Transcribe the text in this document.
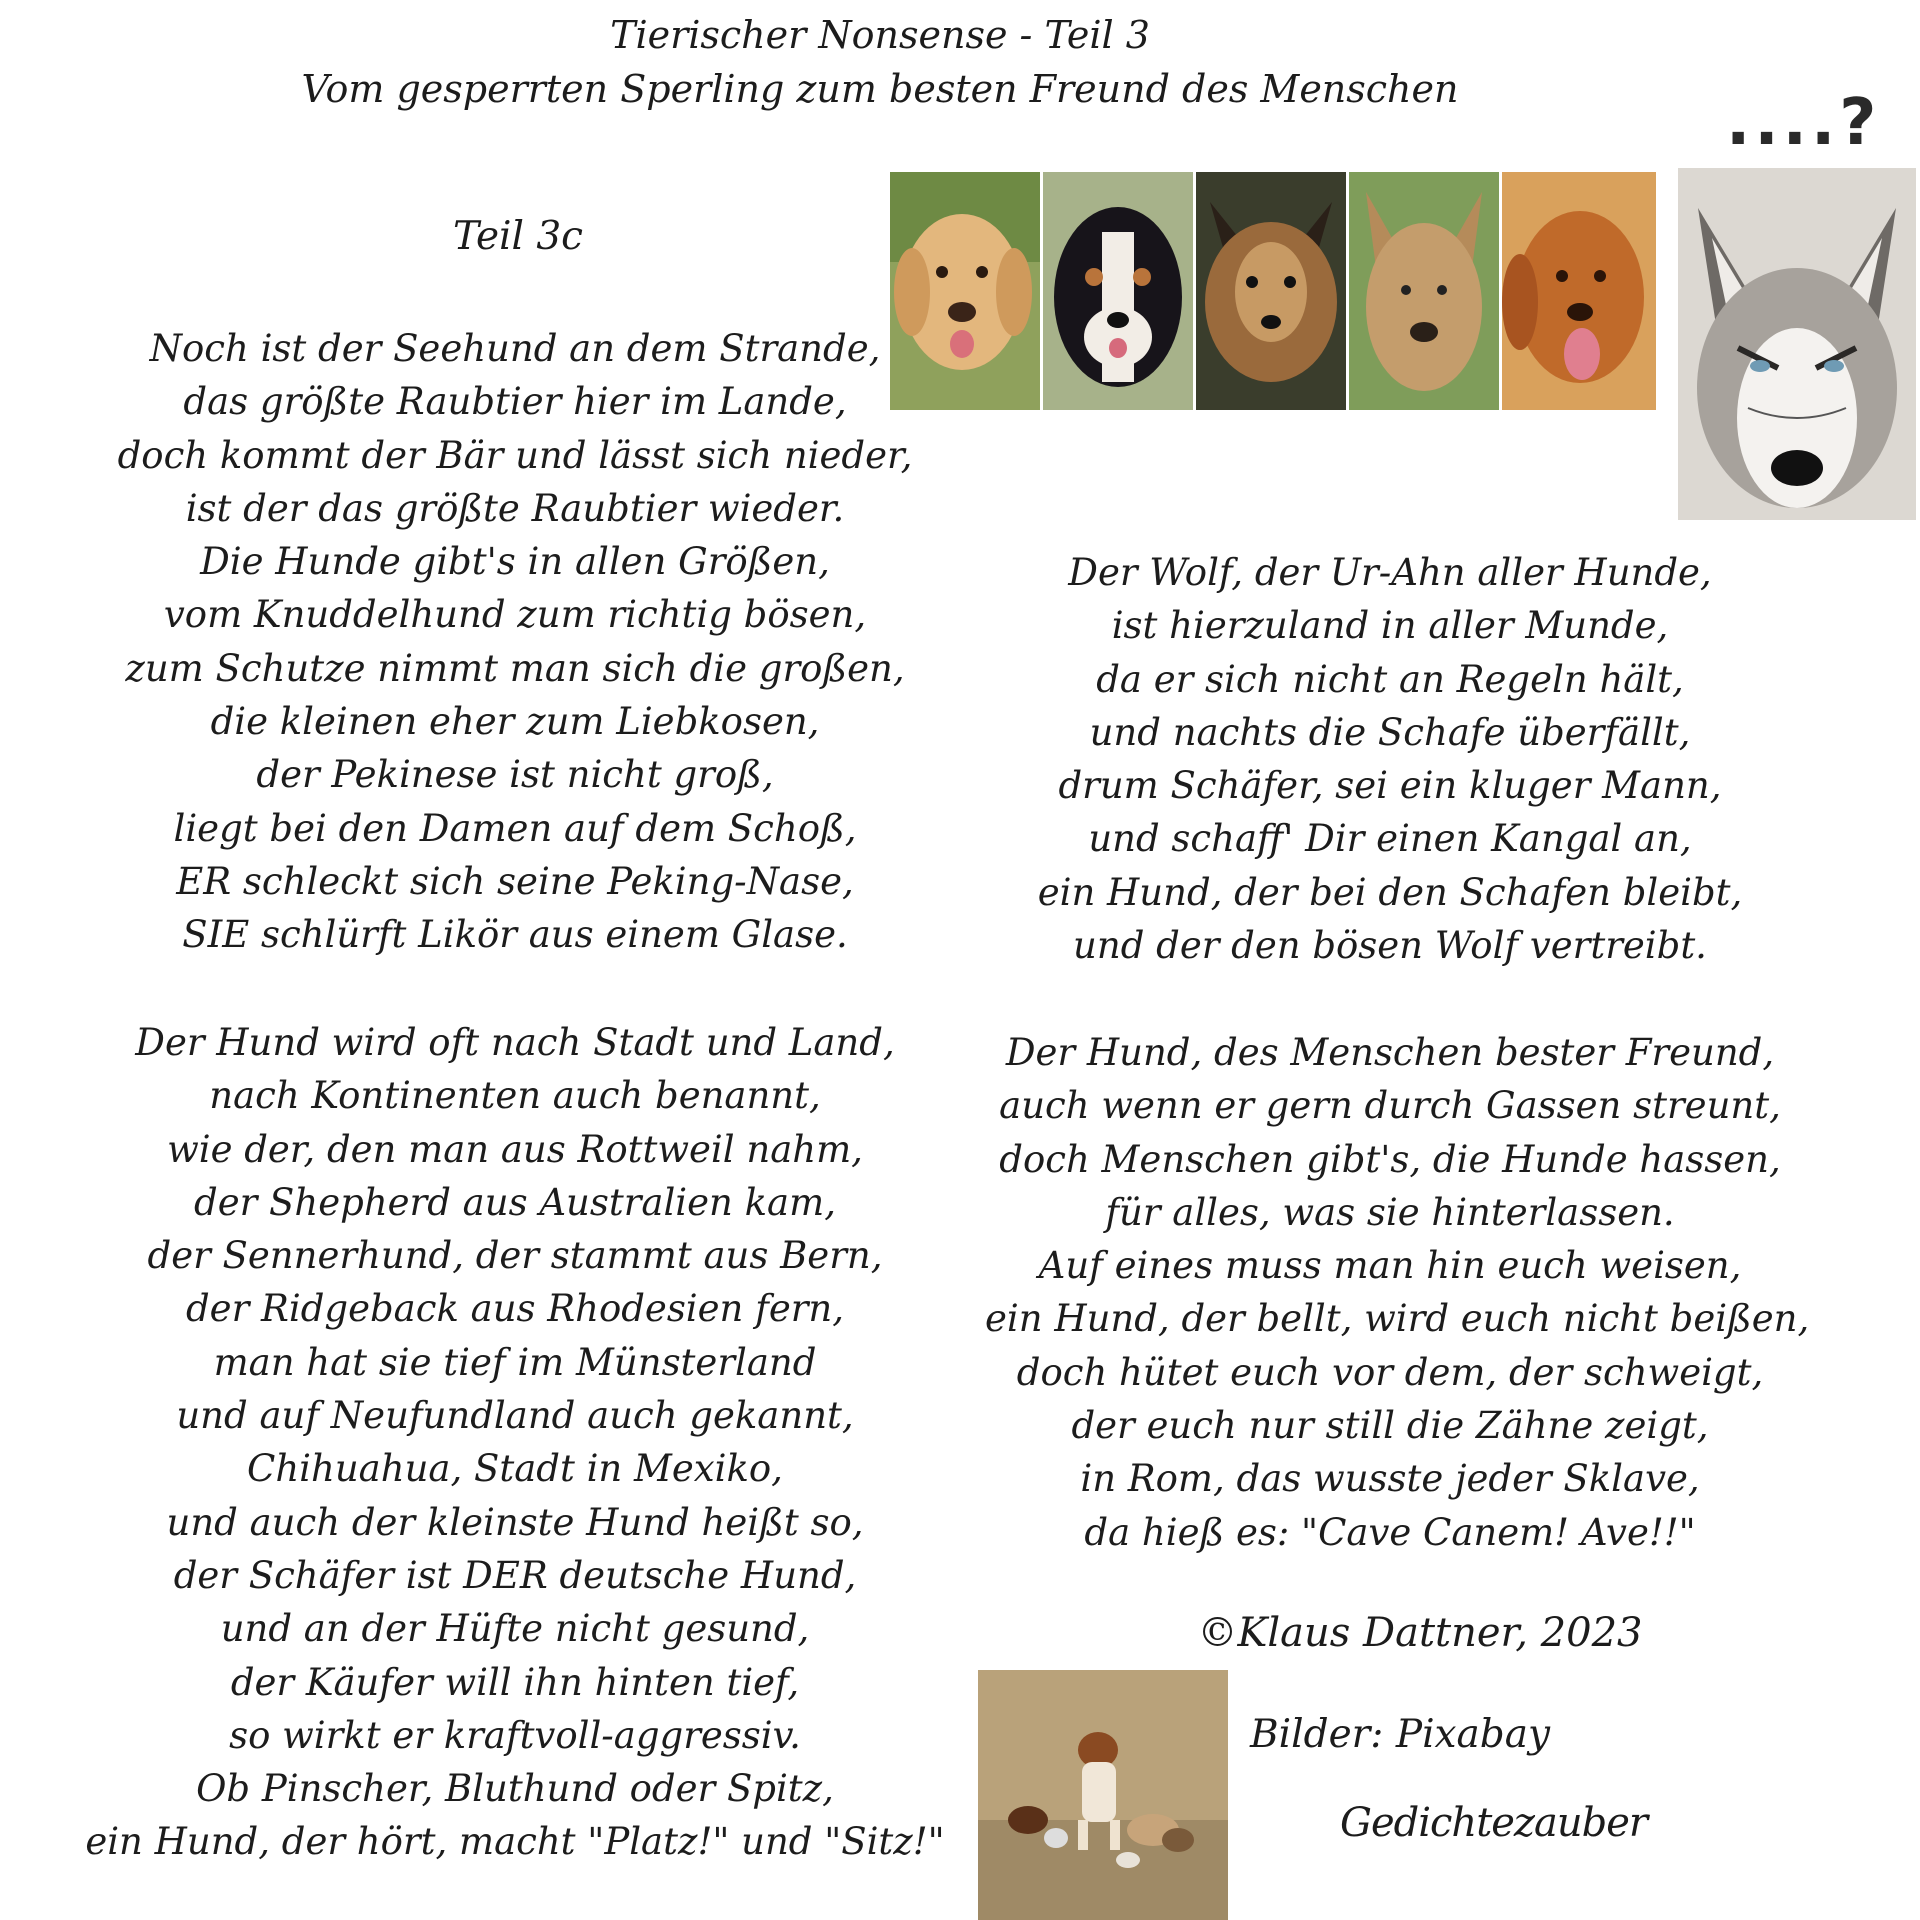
Tierischer Nonsense - Teil 3
Vom gesperrten Sperling zum besten Freund des Menschen
Teil 3c
....?
Noch ist der Seehund an dem Strande,
das größte Raubtier hier im Lande,
doch kommt der Bär und lässt sich nieder,
ist der das größte Raubtier wieder.
Die Hunde gibt's in allen Größen,
vom Knuddelhund zum richtig bösen,
zum Schutze nimmt man sich die großen,
die kleinen eher zum Liebkosen,
der Pekinese ist nicht groß,
liegt bei den Damen auf dem Schoß,
ER schleckt sich seine Peking-Nase,
SIE schlürft Likör aus einem Glase.
Der Hund wird oft nach Stadt und Land,
nach Kontinenten auch benannt,
wie der, den man aus Rottweil nahm,
der Shepherd aus Australien kam,
der Sennerhund, der stammt aus Bern,
der Ridgeback aus Rhodesien fern,
man hat sie tief im Münsterland
und auf Neufundland auch gekannt,
Chihuahua, Stadt in Mexiko,
und auch der kleinste Hund heißt so,
der Schäfer ist DER deutsche Hund,
und an der Hüfte nicht gesund,
der Käufer will ihn hinten tief,
so wirkt er kraftvoll-aggressiv.
Ob Pinscher, Bluthund oder Spitz,
ein Hund, der hört, macht "Platz!" und "Sitz!"
Der Wolf, der Ur-Ahn aller Hunde,
ist hierzuland in aller Munde,
da er sich nicht an Regeln hält,
und nachts die Schafe überfällt,
drum Schäfer, sei ein kluger Mann,
und schaff' Dir einen Kangal an,
ein Hund, der bei den Schafen bleibt,
und der den bösen Wolf vertreibt.
Der Hund, des Menschen bester Freund,
auch wenn er gern durch Gassen streunt,
doch Menschen gibt's, die Hunde hassen,
für alles, was sie hinterlassen.
Auf eines muss man hin euch weisen,
ein Hund, der bellt, wird euch nicht beißen,
doch hütet euch vor dem, der schweigt,
der euch nur still die Zähne zeigt,
in Rom, das wusste jeder Sklave,
da hieß es: "Cave Canem! Ave!!"
©Klaus Dattner, 2023
Bilder: Pixabay
Gedichtezauber
